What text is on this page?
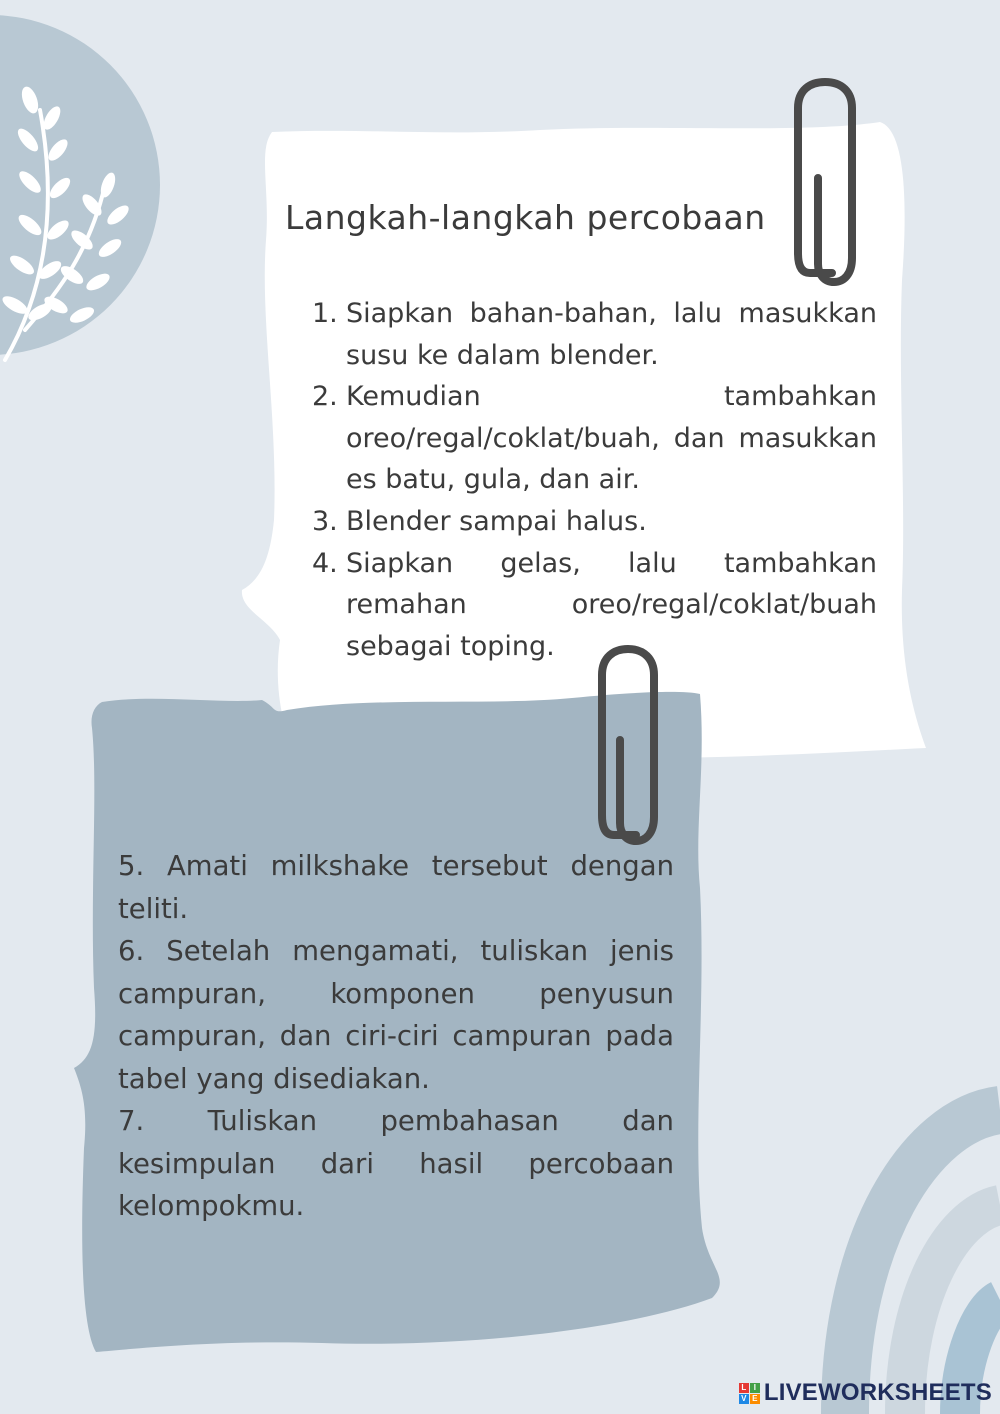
Langkah-langkah percobaan
1. Siapkan bahan-bahan, lalu masukkan susu ke dalam blender.
2. Kemudian tambahkan oreo/regal/coklat/buah, dan masukkan es batu, gula, dan air.
3. Blender sampai halus.
4. Siapkan gelas, lalu tambahkan remahan oreo/regal/coklat/buah sebagai toping.

5. Amati milkshake tersebut dengan teliti.

6. Setelah mengamati, tuliskan jenis campuran, komponen penyusun campuran, dan ciri-ciri campuran pada tabel yang disediakan.

7. Tuliskan pembahasan dan kesimpulan dari hasil percobaan kelompokmu.

L I
V E LIVEWORKSHEETS
